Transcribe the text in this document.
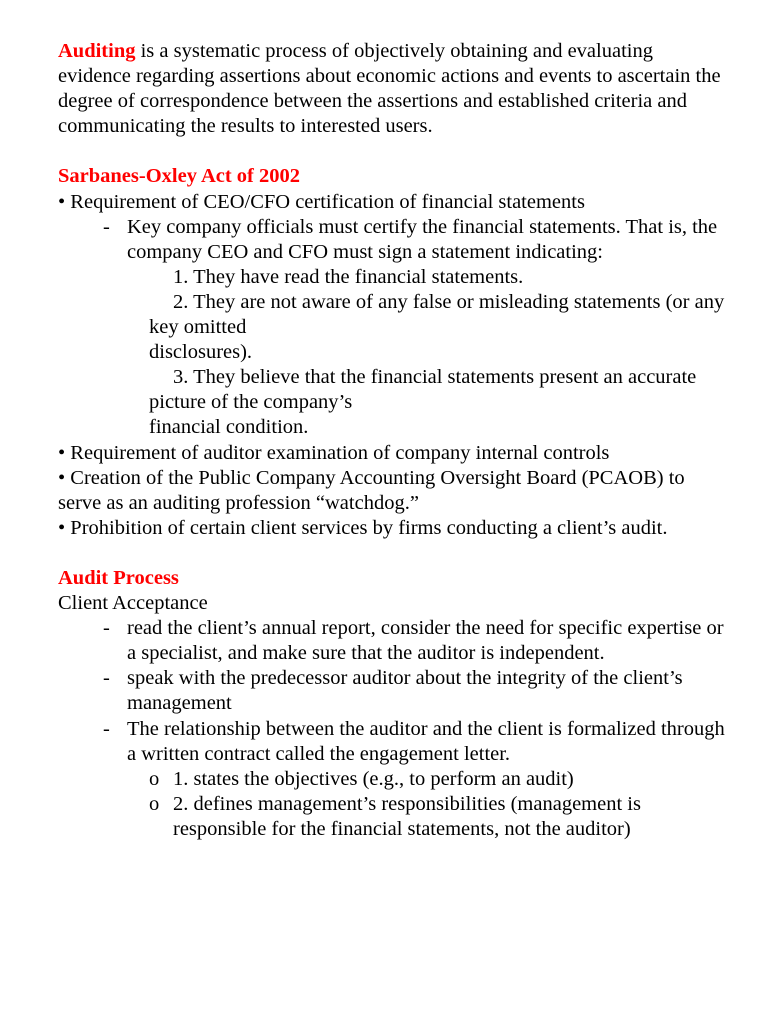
Auditing is a systematic process of objectively obtaining and evaluating evidence regarding assertions about economic actions and events to ascertain the degree of correspondence between the assertions and established criteria and communicating the results to interested users.

Sarbanes-Oxley Act of 2002

• Requirement of CEO/CFO certification of financial statements

- Key company officials must certify the financial statements. That is, the company CEO and CFO must sign a statement indicating:
1. They have read the financial statements.
2. They are not aware of any false or misleading statements (or any key omitted
disclosures).
3. They believe that the financial statements present an accurate picture of the company’s
financial condition.

• Requirement of auditor examination of company internal controls

• Creation of the Public Company Accounting Oversight Board (PCAOB) to serve as an auditing profession “watchdog.”

• Prohibition of certain client services by firms conducting a client’s audit.

Audit Process

Client Acceptance

- read the client’s annual report, consider the need for specific expertise or a specialist, and make sure that the auditor is independent.
- speak with the predecessor auditor about the integrity of the client’s management
- The relationship between the auditor and the client is formalized through a written contract called the engagement letter.
o 1. states the objectives (e.g., to perform an audit)
o 2. defines management’s responsibilities (management is responsible for the financial statements, not the auditor)
